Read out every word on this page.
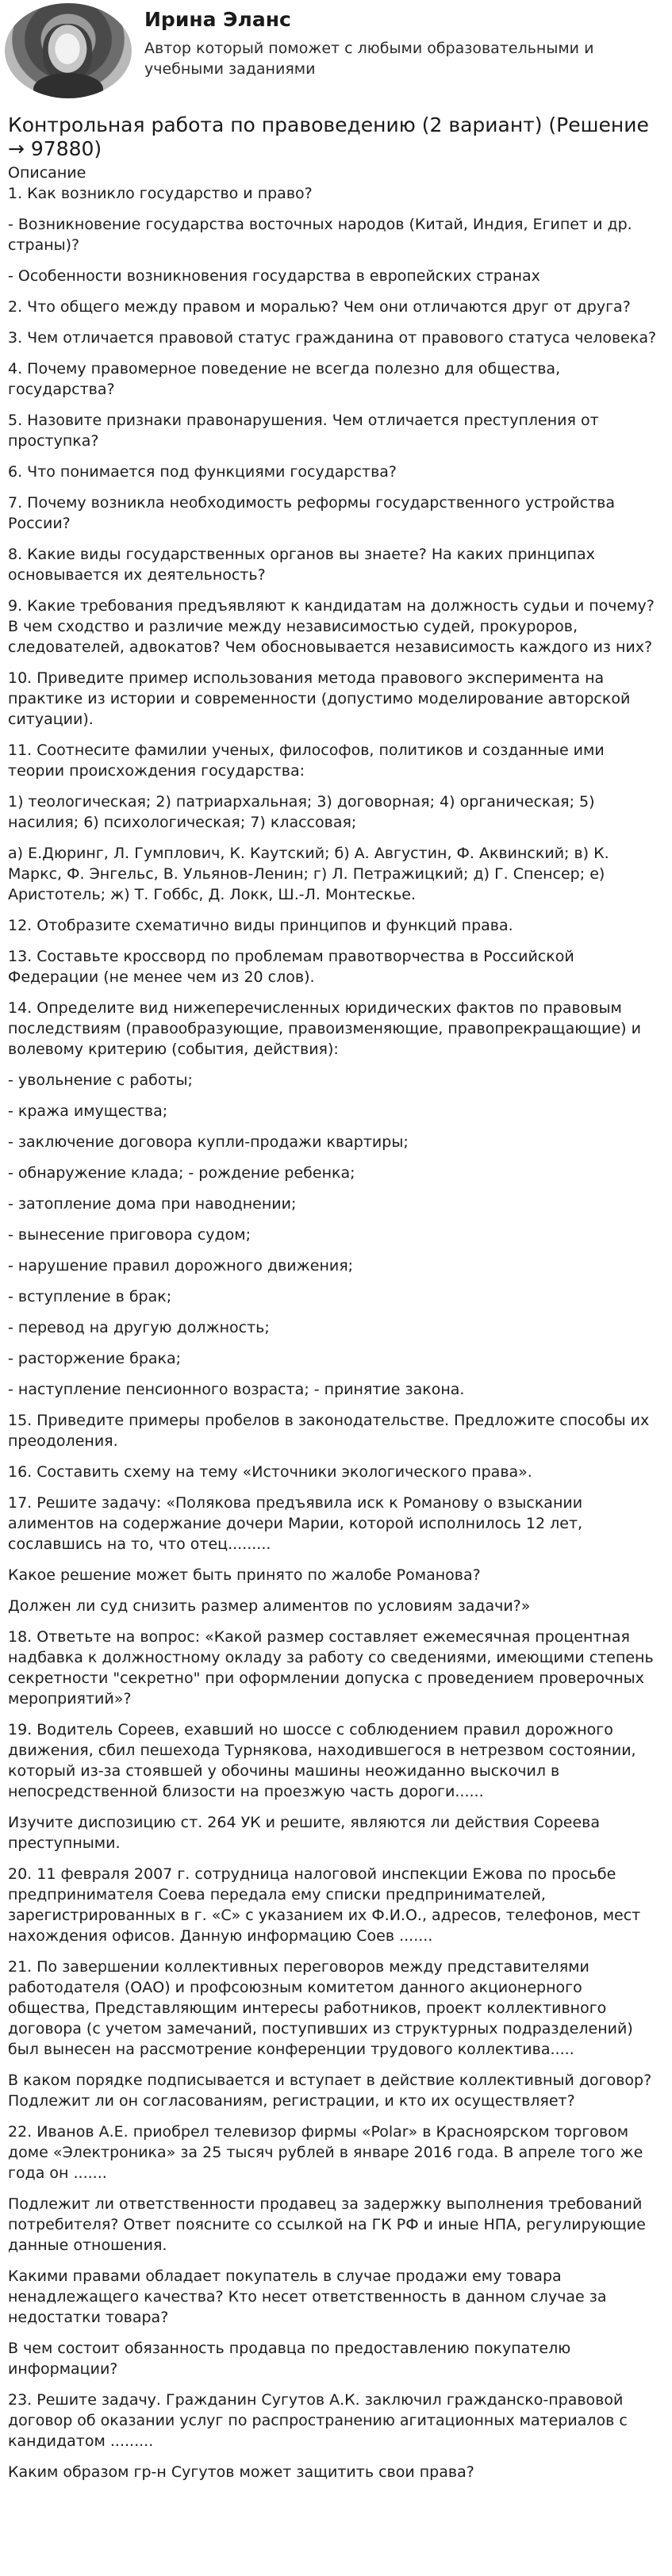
Ирина Эланс
Автор который поможет с любыми образовательными и учебными заданиями
Контрольная работа по правоведению (2 вариант) (Решение → 97880)
Описание

1. Как возникло государство и право?

- Возникновение государства восточных народов (Китай, Индия, Египет и др. страны)?

- Особенности возникновения государства в европейских странах

2. Что общего между правом и моралью? Чем они отличаются друг от друга?

3. Чем отличается правовой статус гражданина от правового статуса человека?

4. Почему правомерное поведение не всегда полезно для общества, государства?

5. Назовите признаки правонарушения. Чем отличается преступления от проступка?

6. Что понимается под функциями государства?

7. Почему возникла необходимость реформы государственного устройства России?

8. Какие виды государственных органов вы знаете? На каких принципах основывается их деятельность?

9. Какие требования предъявляют к кандидатам на должность судьи и почему? В чем сходство и различие между независимостью судей, прокуроров, следователей, адвокатов? Чем обосновывается независимость каждого из них?

10. Приведите пример использования метода правового эксперимента на практике из истории и современности (допустимо моделирование авторской ситуации).

11. Соотнесите фамилии ученых, философов, политиков и созданные ими теории происхождения государства:

1) теологическая; 2) патриархальная; 3) договорная; 4) органическая; 5) насилия; 6) психологическая; 7) классовая;

а) Е.Дюринг, Л. Гумплович, К. Каутский; б) А. Августин, Ф. Аквинский; в) К. Маркс, Ф. Энгельс, В. Ульянов-Ленин; г) Л. Петражицкий; д) Г. Спенсер; е) Аристотель; ж) Т. Гоббс, Д. Локк, Ш.-Л. Монтескье.

12. Отобразите схематично виды принципов и функций права.

13. Составьте кроссворд по проблемам правотворчества в Российской Федерации (не менее чем из 20 слов).

14. Определите вид нижеперечисленных юридических фактов по правовым последствиям (правообразующие, правоизменяющие, правопрекращающие) и волевому критерию (события, действия):

- увольнение с работы;

- кража имущества;

- заключение договора купли-продажи квартиры;

- обнаружение клада; - рождение ребенка;

- затопление дома при наводнении;

- вынесение приговора судом;

- нарушение правил дорожного движения;

- вступление в брак;

- перевод на другую должность;

- расторжение брака;

- наступление пенсионного возраста; - принятие закона.

15. Приведите примеры пробелов в законодательстве. Предложите способы их преодоления.

16. Составить схему на тему «Источники экологического права».

17. Решите задачу: «Полякова предъявила иск к Романову о взыскании алиментов на содержание дочери Марии, которой исполнилось 12 лет, сославшись на то, что отец.........

Какое решение может быть принято по жалобе Романова?

Должен ли суд снизить размер алиментов по условиям задачи?»

18. Ответьте на вопрос: «Какой размер составляет ежемесячная процентная надбавка к должностному окладу за работу со сведениями, имеющими степень секретности "секретно" при оформлении допуска с проведением проверочных мероприятий»?

19. Водитель Сореев, ехавший но шоссе с соблюдением правил дорожного движения, сбил пешехода Турнякова, находившегося в нетрезвом состоянии, который из-за стоявшей у обочины машины неожиданно выскочил в непосредственной близости на проезжую часть дороги......

Изучите диспозицию ст. 264 УК и решите, являются ли действия Сореева преступными.

20. 11 февраля 2007 г. сотрудница налоговой инспекции Ежова по просьбе предпринимателя Соева передала ему списки предпринимателей, зарегистрированных в г. «С» с указанием их Ф.И.О., адресов, телефонов, мест нахождения офисов. Данную информацию Соев .......

21. По завершении коллективных переговоров между представителями работодателя (ОАО) и профсоюзным комитетом данного акционерного общества, Представляющим интересы работников, проект коллективного договора (с учетом замечаний, поступивших из структурных подразделений) был вынесен на рассмотрение конференции трудового коллектива.....

В каком порядке подписывается и вступает в действие коллективный договор? Подлежит ли он согласованиям, регистрации, и кто их осуществляет?

22. Иванов А.Е. приобрел телевизор фирмы «Polar» в Красноярском торговом доме «Электроника» за 25 тысяч рублей в январе 2016 года. В апреле того же года он .......

Подлежит ли ответственности продавец за задержку выполнения требований потребителя? Ответ поясните со ссылкой на ГК РФ и иные НПА, регулирующие данные отношения.

Какими правами обладает покупатель в случае продажи ему товара ненадлежащего качества? Кто несет ответственность в данном случае за недостатки товара?

В чем состоит обязанность продавца по предоставлению покупателю информации?

23. Решите задачу. Гражданин Сугутов А.К. заключил гражданско-правовой договор об оказании услуг по распространению агитационных материалов с кандидатом .........

Каким образом гр-н Сугутов может защитить свои права?
